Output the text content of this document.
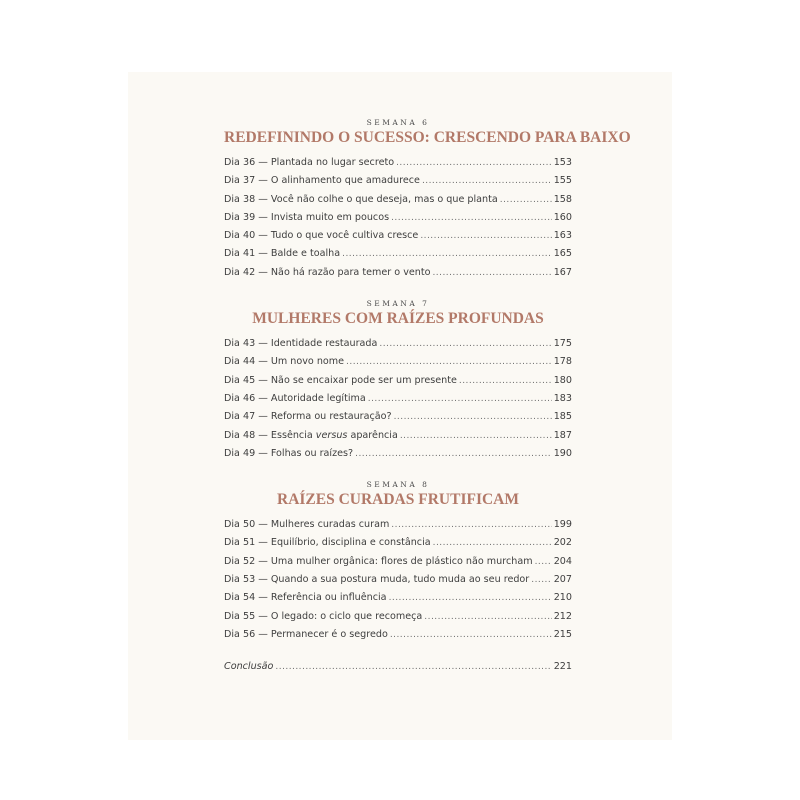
SEMANA 6
REDEFININDO O SUCESSO: CRESCENDO PARA BAIXO
Dia 36 — Plantada no lugar secreto . . .	153
Dia 37 — O alinhamento que amadurece . . .	155
Dia 38 — Você não colhe o que deseja, mas o que planta . . .	158
Dia 39 — Invista muito em poucos . . .	160
Dia 40 — Tudo o que você cultiva cresce . . .	163
Dia 41 — Balde e toalha . . .	165
Dia 42 — Não há razão para temer o vento . . .	167
SEMANA 7
MULHERES COM RAÍZES PROFUNDAS
Dia 43 — Identidade restaurada . . .	175
Dia 44 — Um novo nome . . .	178
Dia 45 — Não se encaixar pode ser um presente . . .	180
Dia 46 — Autoridade legítima . . .	183
Dia 47 — Reforma ou restauração? . . .	185
Dia 48 — Essência versus aparência . . .	187
Dia 49 — Folhas ou raízes? . . .	190
SEMANA 8
RAÍZES CURADAS FRUTIFICAM
Dia 50 — Mulheres curadas curam . . .	199
Dia 51 — Equilíbrio, disciplina e constância . . .	202
Dia 52 — Uma mulher orgânica: flores de plástico não murcham . . . 204
Dia 53 — Quando a sua postura muda, tudo muda ao seu redor . . .	207
Dia 54 — Referência ou influência . . .	210
Dia 55 — O legado: o ciclo que recomeça . . .	212
Dia 56 — Permanecer é o segredo . . .	215
Conclusão . . .	221
